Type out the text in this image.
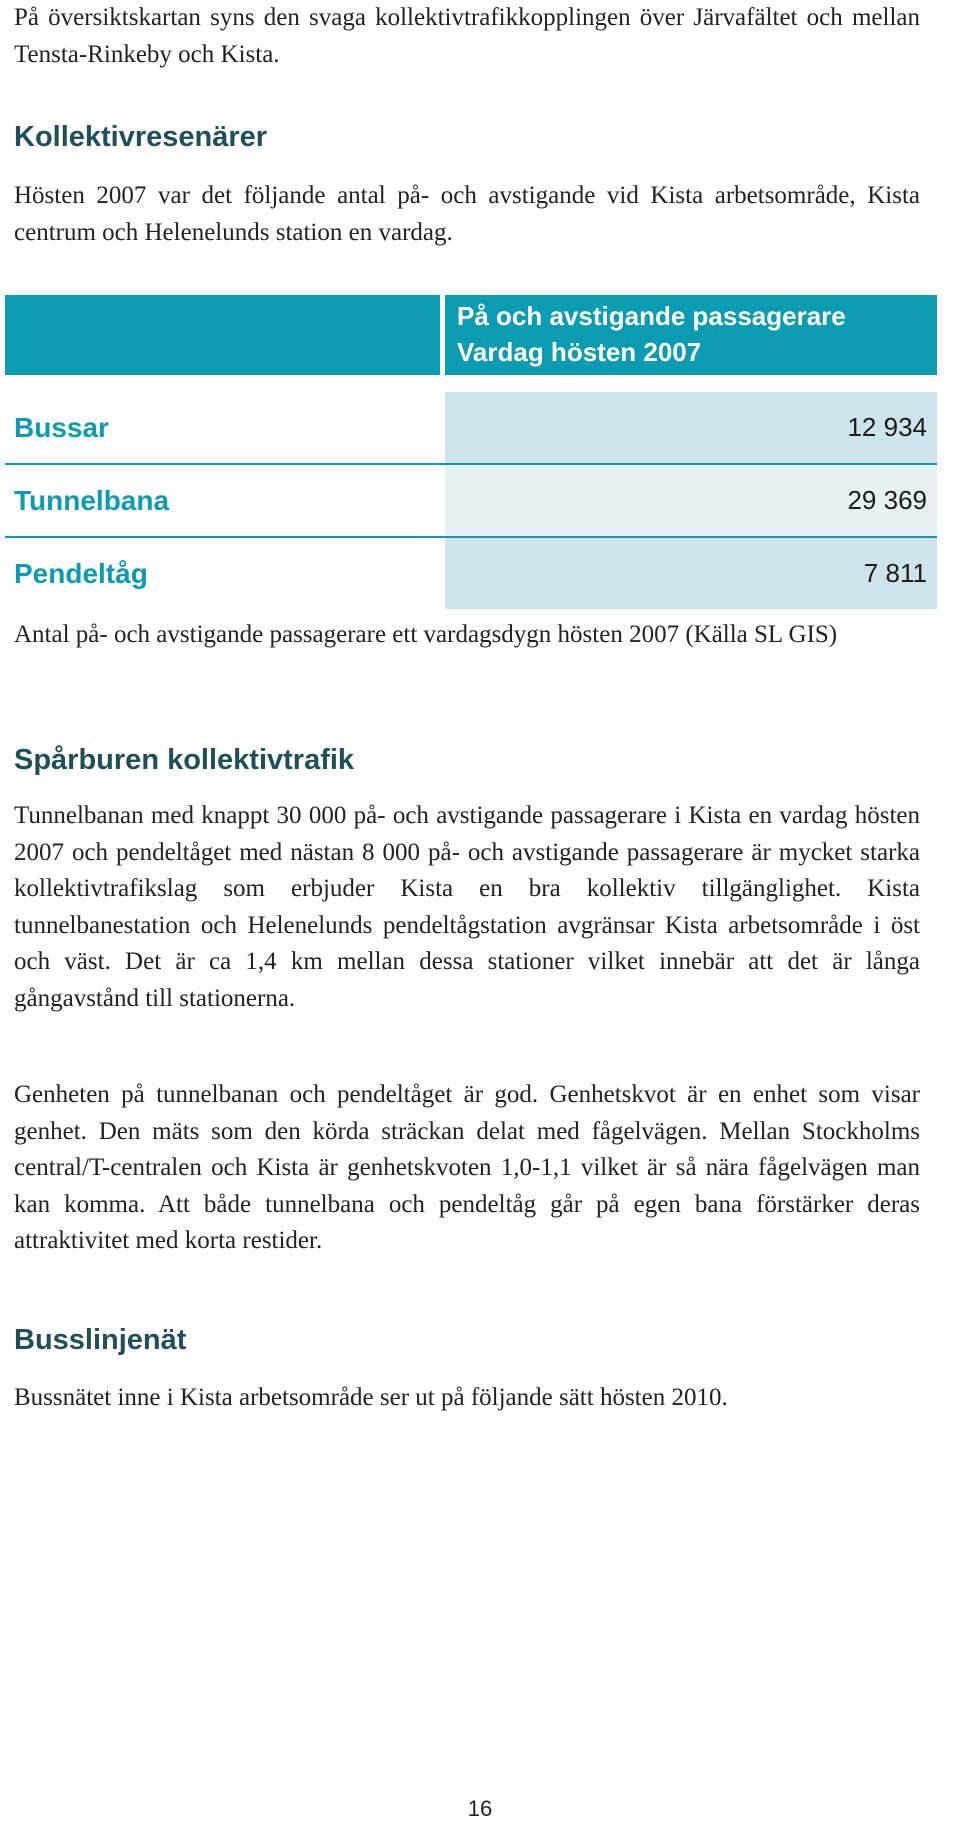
På översiktskartan syns den svaga kollektivtrafikkopplingen över Järvafältet och mellan Tensta-Rinkeby och Kista.

Kollektivresenärer

Hösten 2007 var det följande antal på- och avstigande vid Kista arbetsområde, Kista centrum och Helenelunds station en vardag.

På och avstigande passagerare
Vardag hösten 2007
Bussar	12 934
Tunnelbana	29 369
Pendeltåg	7 811

Antal på- och avstigande passagerare ett vardagsdygn hösten 2007 (Källa SL GIS)

Spårburen kollektivtrafik

Tunnelbanan med knappt 30 000 på- och avstigande passagerare i Kista en vardag hösten 2007 och pendeltåget med nästan 8 000 på- och avstigande passagerare är mycket starka kollektivtrafikslag som erbjuder Kista en bra kollektiv tillgänglighet. Kista tunnelbanestation och Helenelunds pendeltågstation avgränsar Kista arbetsområde i öst och väst. Det är ca 1,4 km mellan dessa stationer vilket innebär att det är långa gångavstånd till stationerna.

Genheten på tunnelbanan och pendeltåget är god. Genhetskvot är en enhet som visar genhet. Den mäts som den körda sträckan delat med fågelvägen. Mellan Stockholms central/T-centralen och Kista är genhetskvoten 1,0-1,1 vilket är så nära fågelvägen man kan komma. Att både tunnelbana och pendeltåg går på egen bana förstärker deras attraktivitet med korta restider.

Busslinjenät

Bussnätet inne i Kista arbetsområde ser ut på följande sätt hösten 2010.

16
